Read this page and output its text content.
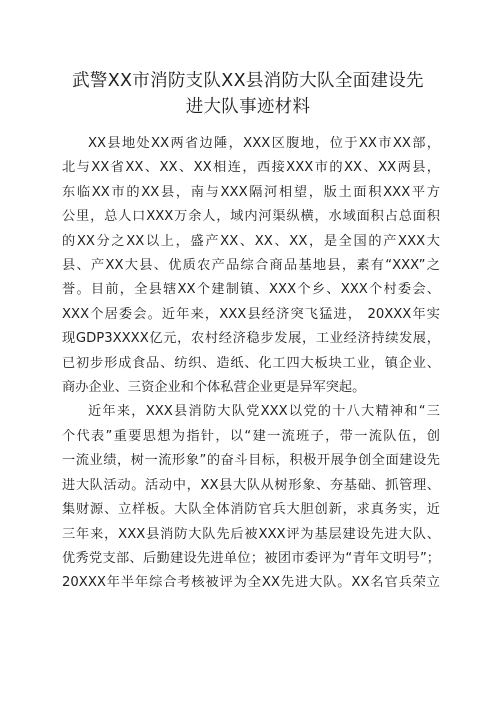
武警XX市消防支队XX县消防大队全面建设先
进大队事迹材料
XX县地处XX两省边陲，XXX区腹地，位于XX市XX部，
北与XX省XX、XX、XX相连，西接XXX市的XX、XX两县，
东临XX市的XX县，南与XXX隔河相望，版土面积XXX平方
公里，总人口XXX万余人，域内河渠纵横，水域面积占总面积
的XX分之XX以上，盛产XX、XX、XX，是全国的产XXX大
县、产XX大县、优质农产品综合商品基地县，素有“XXX”之
誉。目前，全县辖XX个建制镇、XXX个乡、XXX个村委会、
XXX个居委会。近年来，XXX县经济突飞猛进， 20XXX年实
现GDP3XXXX亿元，农村经济稳步发展，工业经济持续发展，
已初步形成食品、纺织、造纸、化工四大板块工业，镇企业、
商办企业、三资企业和个体私营企业更是异军突起。
近年来，XXX县消防大队党XXX以党的十八大精神和“三
个代表”重要思想为指针，以“建一流班子，带一流队伍，创
一流业绩，树一流形象”的奋斗目标，积极开展争创全面建设先
进大队活动。活动中，XX县大队从树形象、夯基础、抓管理、
集财源、立样板。大队全体消防官兵大胆创新，求真务实，近
三年来，XXX县消防大队先后被XXX评为基层建设先进大队、
优秀党支部、后勤建设先进单位；被团市委评为“青年文明号”；
20XXX年半年综合考核被评为全XX先进大队。XX名官兵荣立
